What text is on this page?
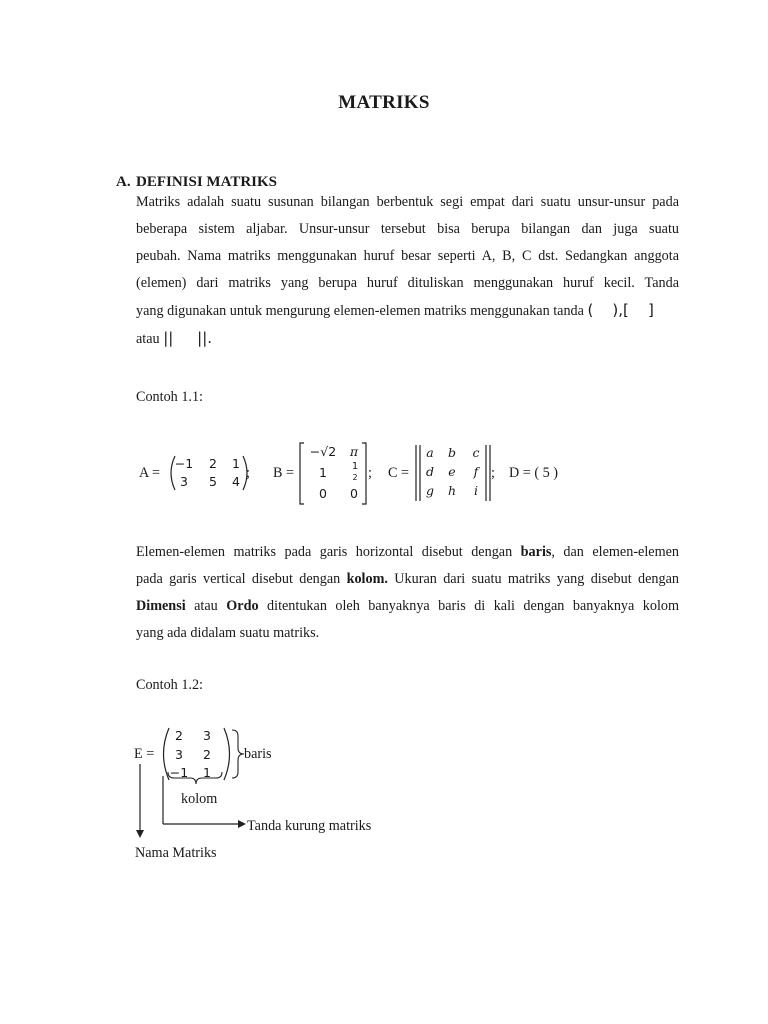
MATRIKS
A. DEFINISI MATRIKS
Matriks adalah suatu susunan bilangan berbentuk segi empat dari suatu unsur-unsur pada
beberapa sistem aljabar. Unsur-unsur tersebut bisa berupa bilangan dan juga suatu
peubah. Nama matriks menggunakan huruf besar seperti A, B, C dst. Sedangkan anggota
(elemen) dari matriks yang berupa huruf dituliskan menggunakan huruf kecil. Tanda
yang digunakan untuk mengurung elemen-elemen matriks menggunakan tanda (    ),[    ]
atau ||     ||.
Contoh 1.1:
A =
−1	2	1
3	5	4
; B =
−√2	π
1	1
2
0	0
; C =
a	b	c
d	e	f
g	h	i
; D = ( 5 )
Elemen-elemen matriks pada garis horizontal disebut dengan baris, dan elemen-elemen
pada garis vertical disebut dengan kolom. Ukuran dari suatu matriks yang disebut dengan
Dimensi atau Ordo ditentukan oleh banyaknya baris di kali dengan banyaknya kolom
yang ada didalam suatu matriks.
Contoh 1.2:
E =
2	3
3	2
−1	1
baris
kolom
Tanda kurung matriks
Nama Matriks
